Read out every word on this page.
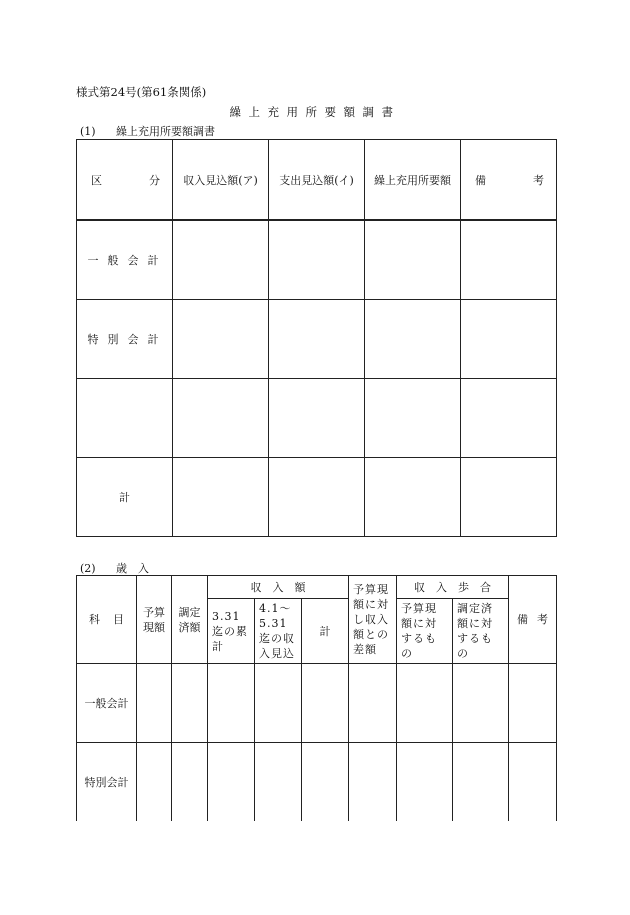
様式第24号(第61条関係)
繰上充用所要額調書
(1) 繰上充用所要額調書
区 分	収入見込額(ア)	支出見込額(イ)	繰上充用所要額	備 考

一般会計				
特別会計				

計				
(2) 歳　入
科 目	予算現額	調定済額	収　入　額			予算現額に対し収入額との差額	収　入　歩　合		備 考

			3.31迄の累計	4.1～5.31迄の収入見込	計		予算現額に対するもの	調定済額に対するもの	
一般会計									
特別会計									
